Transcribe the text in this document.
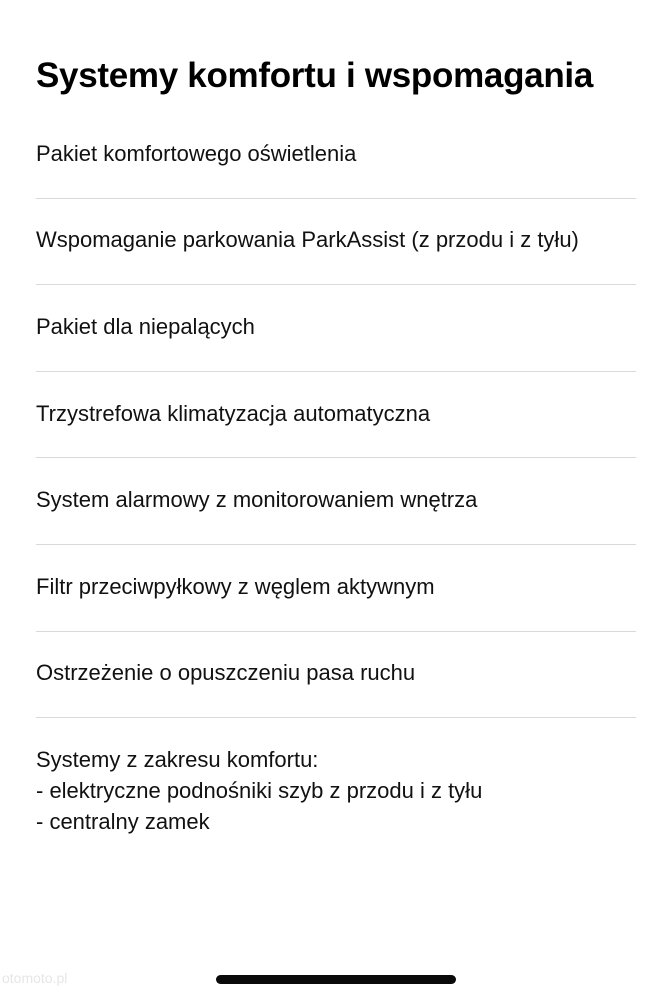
Systemy komfortu i wspomagania
Pakiet komfortowego oświetlenia
Wspomaganie parkowania ParkAssist (z przodu i z tyłu)
Pakiet dla niepalących
Trzystrefowa klimatyzacja automatyczna
System alarmowy z monitorowaniem wnętrza
Filtr przeciwpyłkowy z węglem aktywnym
Ostrzeżenie o opuszczeniu pasa ruchu
Systemy z zakresu komfortu:
- elektryczne podnośniki szyb z przodu i z tyłu
- centralny zamek
otomoto.pl
